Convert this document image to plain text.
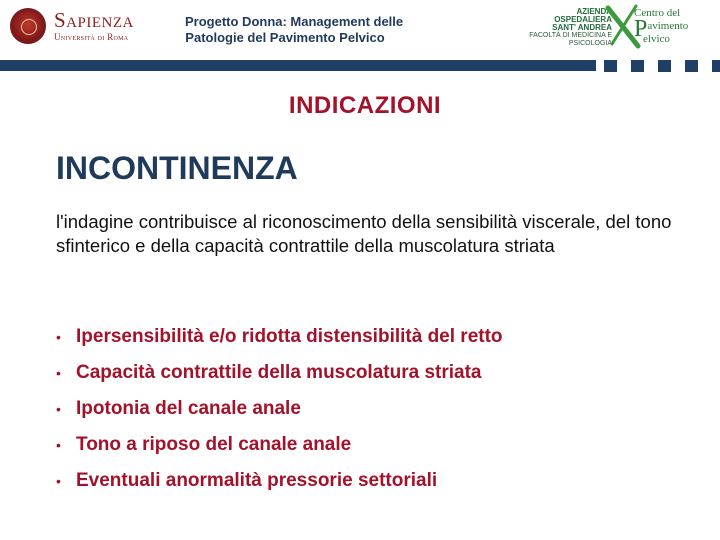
Sapienza
Università di Roma
Progetto Donna: Management delle
Patologie del Pavimento Pelvico
AZIENDA OSPEDALIERA
SANT' ANDREA
FACOLTÀ DI MEDICINA E
PSICOLOGIA
Centro del
P avimento
elvico
INDICAZIONI
INCONTINENZA
l'indagine contribuisce al riconoscimento della sensibilità viscerale, del tono sfinterico e della capacità contrattile della muscolatura striata
• Ipersensibilità e/o ridotta distensibilità del retto
• Capacità contrattile della muscolatura striata
• Ipotonia del canale anale
• Tono a riposo del canale anale
• Eventuali anormalità pressorie settoriali
